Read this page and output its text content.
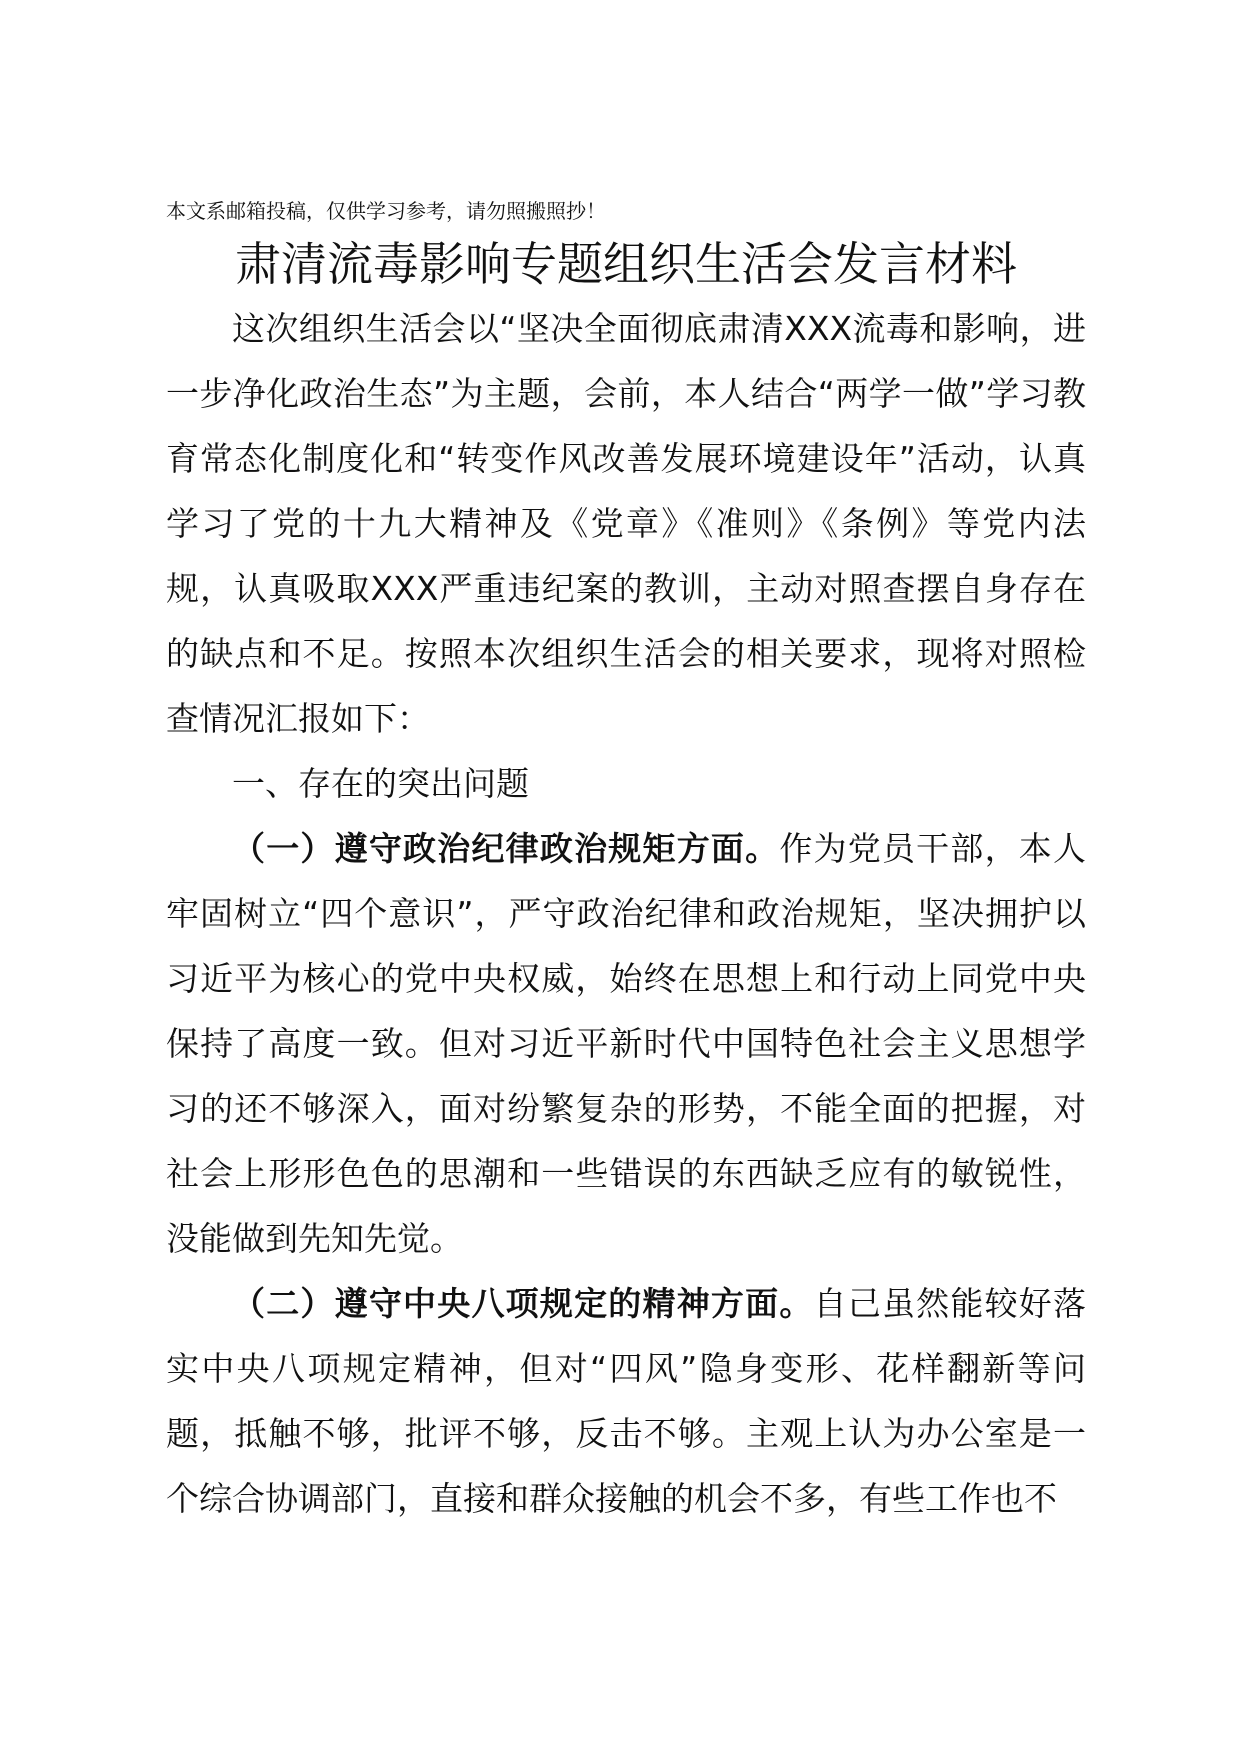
本文系邮箱投稿，仅供学习参考，请勿照搬照抄！
肃清流毒影响专题组织生活会发言材料

这次组织生活会以“坚决全面彻底肃清XXX流毒和影响，进一步净化政治生态”为主题，会前，本人结合“两学一做”学习教育常态化制度化和“转变作风改善发展环境建设年”活动，认真学习了党的十九大精神及《党章》《准则》《条例》等党内法规，认真吸取XXX严重违纪案的教训，主动对照查摆自身存在的缺点和不足。按照本次组织生活会的相关要求，现将对照检查情况汇报如下：

一、存在的突出问题

（一）遵守政治纪律政治规矩方面。作为党员干部，本人牢固树立“四个意识”，严守政治纪律和政治规矩，坚决拥护以习近平为核心的党中央权威，始终在思想上和行动上同党中央保持了高度一致。但对习近平新时代中国特色社会主义思想学习的还不够深入，面对纷繁复杂的形势，不能全面的把握，对社会上形形色色的思潮和一些错误的东西缺乏应有的敏锐性，没能做到先知先觉。

（二）遵守中央八项规定的精神方面。自己虽然能较好落实中央八项规定精神，但对“四风”隐身变形、花样翻新等问题，抵触不够，批评不够，反击不够。主观上认为办公室是一个综合协调部门，直接和群众接触的机会不多，有些工作也不
